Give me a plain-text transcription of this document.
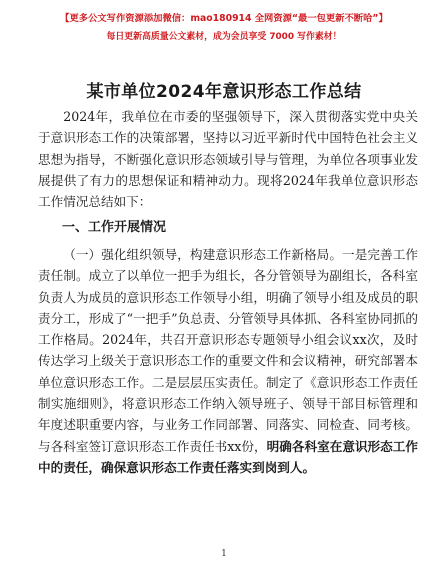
【更多公文写作资源添加微信：mao180914 全网资源“最一包更新不断哈”】
每日更新高质量公文素材，成为会员享受 7000 写作素材！
某市单位2024年意识形态工作总结
2024年，我单位在市委的坚强领导下，深入贯彻落实党中央关于意识形态工作的决策部署，坚持以习近平新时代中国特色社会主义思想为指导，不断强化意识形态领域引导与管理，为单位各项事业发展提供了有力的思想保证和精神动力。现将2024年我单位意识形态工作情况总结如下：
一、工作开展情况
（一）强化组织领导，构建意识形态工作新格局。一是完善工作责任制。成立了以单位一把手为组长，各分管领导为副组长，各科室负责人为成员的意识形态工作领导小组，明确了领导小组及成员的职责分工，形成了“一把手”负总责、分管领导具体抓、各科室协同抓的工作格局。2024年，共召开意识形态专题领导小组会议xx次，及时传达学习上级关于意识形态工作的重要文件和会议精神，研究部署本单位意识形态工作。二是层层压实责任。制定了《意识形态工作责任制实施细则》，将意识形态工作纳入领导班子、领导干部目标管理和年度述职重要内容，与业务工作同部署、同落实、同检查、同考核。与各科室签订意识形态工作责任书xx份，明确各科室在意识形态工作中的责任，确保意识形态工作责任落实到岗到人。
1
